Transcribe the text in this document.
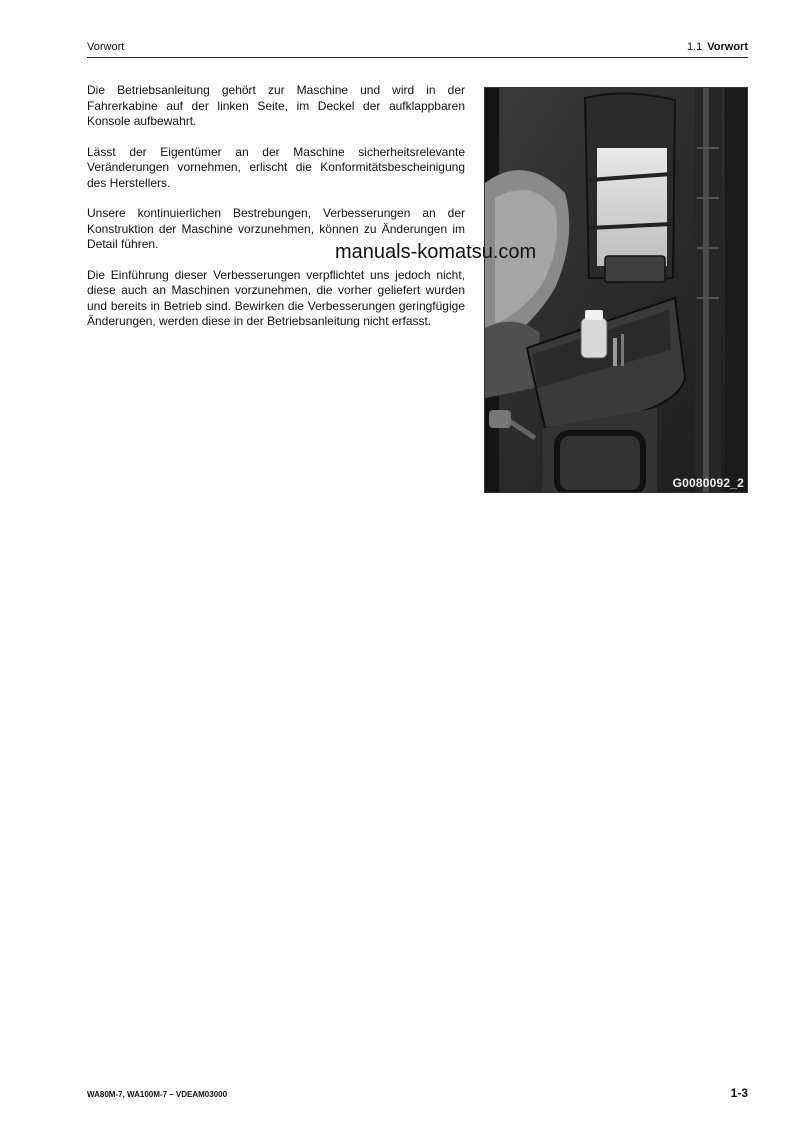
Vorwort	1.1 Vorwort

Die Betriebsanleitung gehört zur Maschine und wird in der Fahrerkabine auf der linken Seite, im Deckel der aufklappbaren Konsole aufbewahrt.

Lässt der Eigentümer an der Maschine sicherheitsrelevante Veränderungen vornehmen, erlischt die Konformitätsbescheinigung des Herstellers.

Unsere kontinuierlichen Bestrebungen, Verbesserungen an der Konstruktion der Maschine vorzunehmen, können zu Änderungen im Detail führen.

Die Einführung dieser Verbesserungen verpflichtet uns jedoch nicht, diese auch an Maschinen vorzunehmen, die vorher geliefert wurden und bereits in Betrieb sind. Bewirken die Verbesserungen geringfügige Änderungen, werden diese in der Betriebsanleitung nicht erfasst.

G0080092_2
manuals-komatsu.com
WA80M-7, WA100M-7 – VDEAM03000	1-3
